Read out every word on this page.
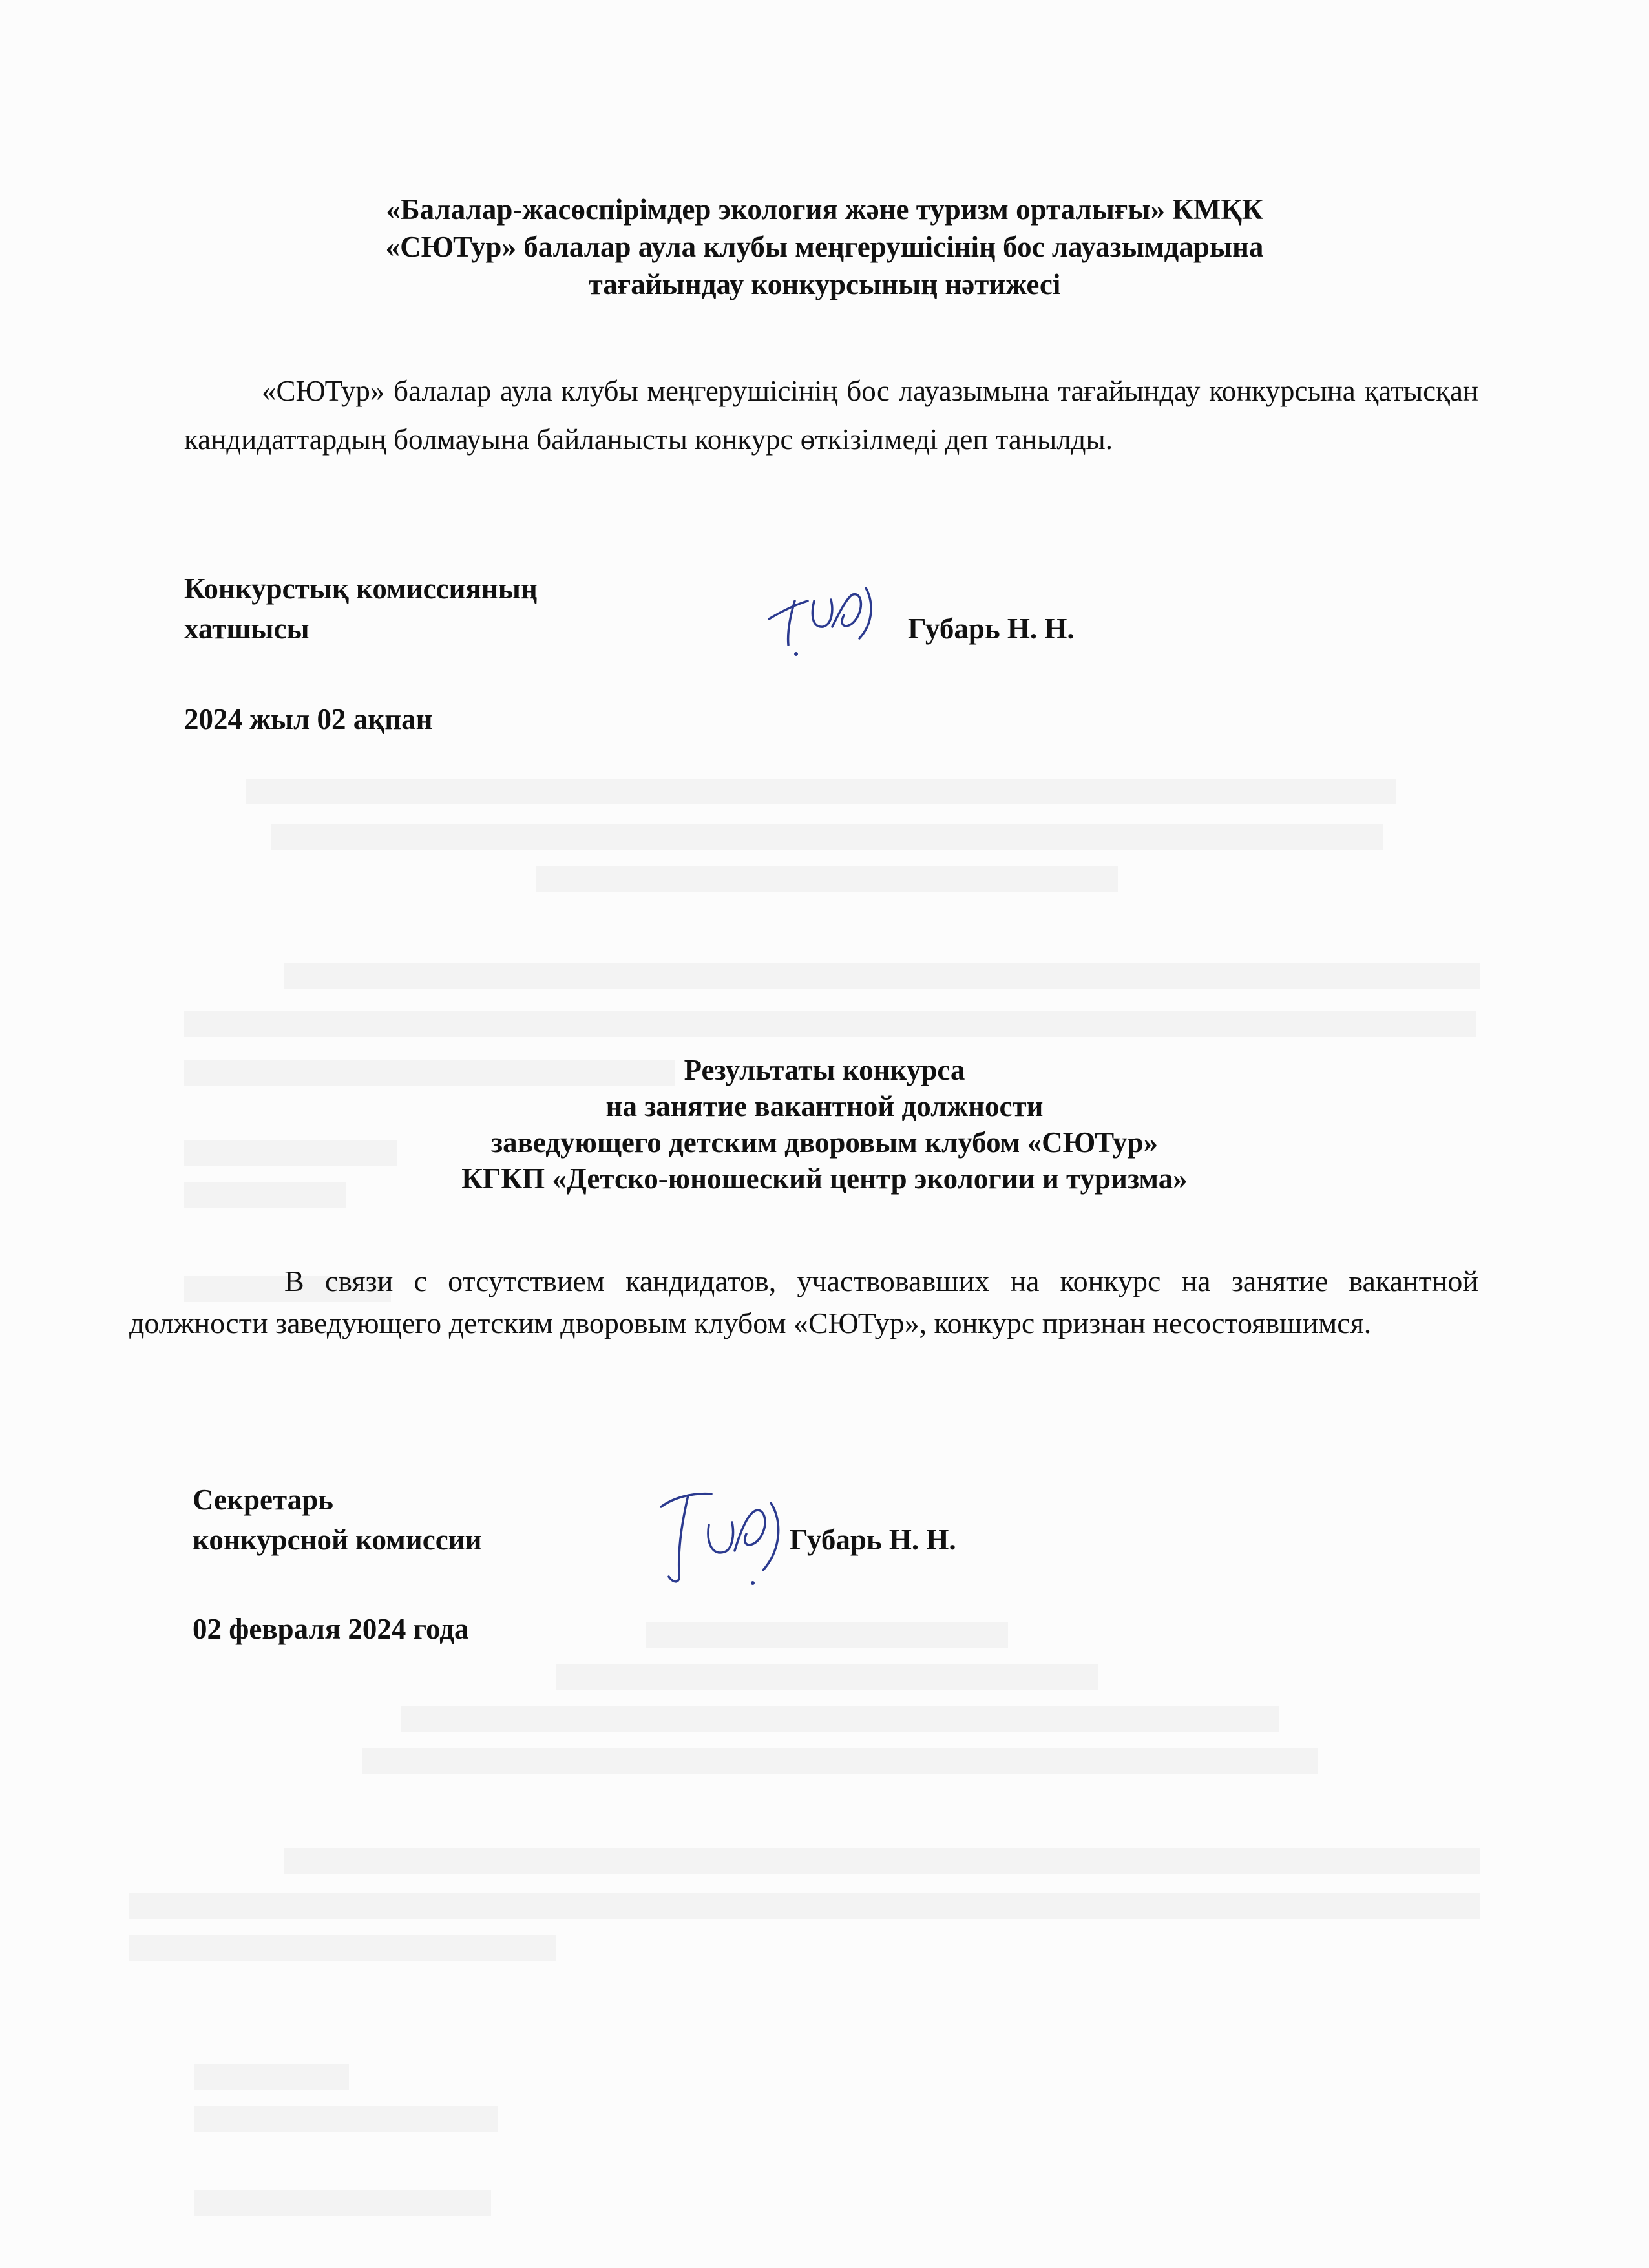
«Балалар-жасөспірімдер экология және туризм орталығы» КМҚК
«СЮТур» балалар аула клубы меңгерушісінің бос лауазымдарына
тағайындау конкурсының нәтижесі
«СЮТур» балалар аула клубы меңгерушісінің бос лауазымына тағайындау конкурсына қатысқан кандидаттардың болмауына байланысты конкурс өткізілмеді деп танылды.
Конкурстық комиссияның
хатшысы	Губарь Н. Н.
2024 жыл 02 ақпан
Результаты конкурса
на занятие вакантной должности
заведующего детским дворовым клубом «СЮТур»
КГКП «Детско-юношеский центр экологии и туризма»
В связи с отсутствием кандидатов, участвовавших на конкурс на занятие вакантной должности заведующего детским дворовым клубом «СЮТур», конкурс признан несостоявшимся.
Секретарь
конкурсной комиссии	Губарь Н. Н.
02 февраля 2024 года
